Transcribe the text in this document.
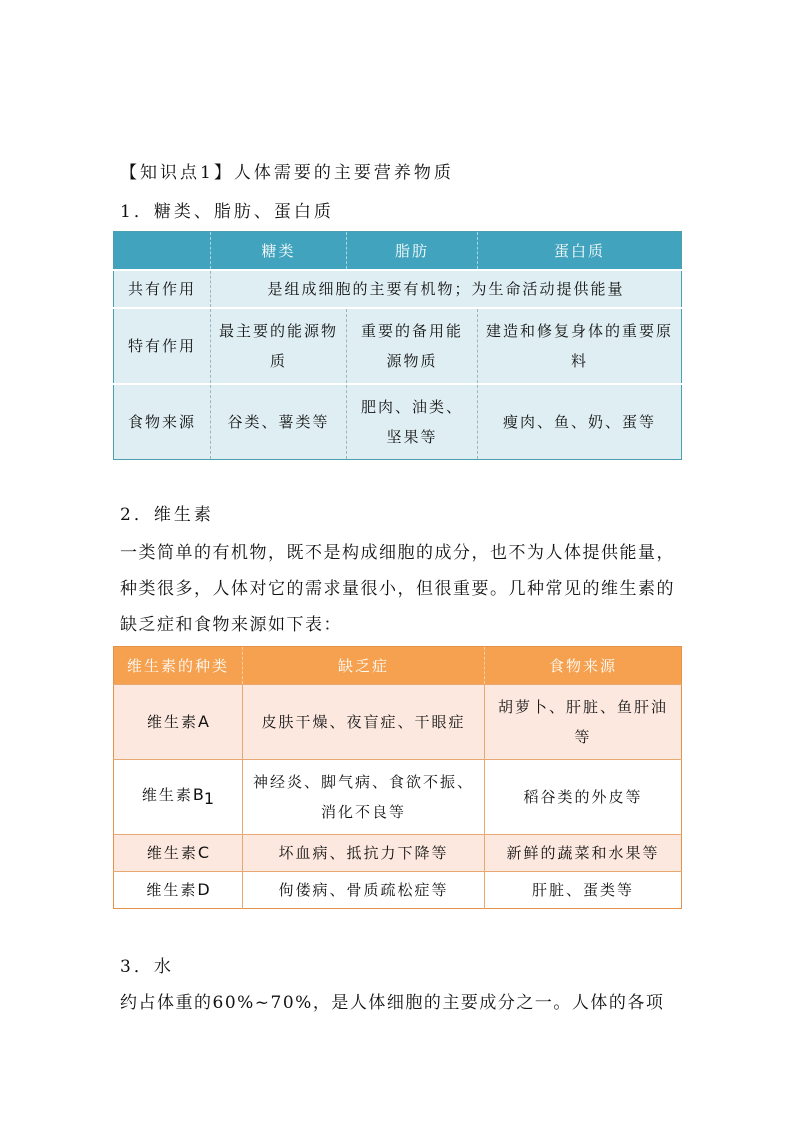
【知识点1】人体需要的主要营养物质
1．糖类、脂肪、蛋白质
	糖类	脂肪	蛋白质
共有作用	是组成细胞的主要有机物；为生命活动提供能量		
特有作用	最主要的能源物质	重要的备用能源物质	建造和修复身体的重要原料
食物来源	谷类、薯类等	肥肉、油类、坚果等	瘦肉、鱼、奶、蛋等
2．维生素
一类简单的有机物，既不是构成细胞的成分，也不为人体提供能量，
种类很多，人体对它的需求量很小，但很重要。几种常见的维生素的
缺乏症和食物来源如下表：
维生素的种类	缺乏症	食物来源
维生素A	皮肤干燥、夜盲症、干眼症	胡萝卜、肝脏、鱼肝油等
维生素$B_1$	神经炎、脚气病、食欲不振、消化不良等	稻谷类的外皮等
维生素C	坏血病、抵抗力下降等	新鲜的蔬菜和水果等
维生素D	佝偻病、骨质疏松症等	肝脏、蛋类等
3．水
约占体重的60%~70%，是人体细胞的主要成分之一。人体的各项
